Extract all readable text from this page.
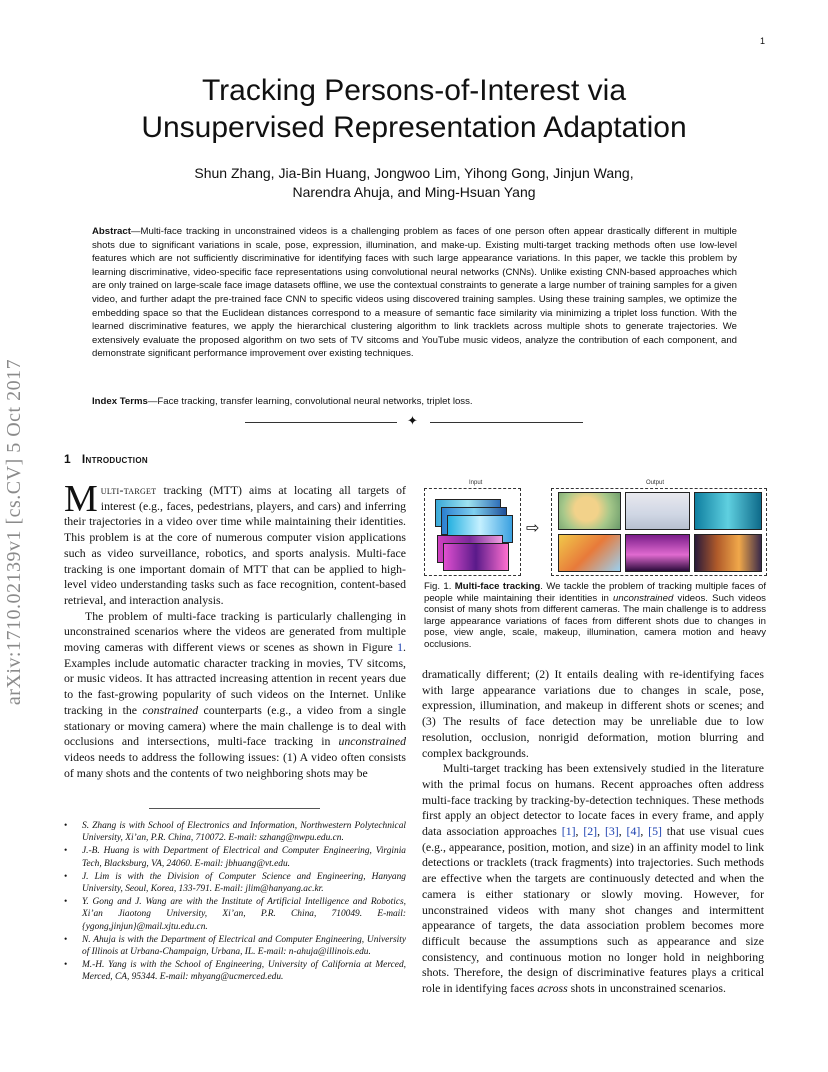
1
arXiv:1710.02139v1 [cs.CV] 5 Oct 2017
Tracking Persons-of-Interest via
Unsupervised Representation Adaptation
Shun Zhang, Jia-Bin Huang, Jongwoo Lim, Yihong Gong, Jinjun Wang,
Narendra Ahuja, and Ming-Hsuan Yang
Abstract—Multi-face tracking in unconstrained videos is a challenging problem as faces of one person often appear drastically different in multiple shots due to significant variations in scale, pose, expression, illumination, and make-up. Existing multi-target tracking methods often use low-level features which are not sufficiently discriminative for identifying faces with such large appearance variations. In this paper, we tackle this problem by learning discriminative, video-specific face representations using convolutional neural networks (CNNs). Unlike existing CNN-based approaches which are only trained on large-scale face image datasets offline, we use the contextual constraints to generate a large number of training samples for a given video, and further adapt the pre-trained face CNN to specific videos using discovered training samples. Using these training samples, we optimize the embedding space so that the Euclidean distances correspond to a measure of semantic face similarity via minimizing a triplet loss function. With the learned discriminative features, we apply the hierarchical clustering algorithm to link tracklets across multiple shots to generate trajectories. We extensively evaluate the proposed algorithm on two sets of TV sitcoms and YouTube music videos, analyze the contribution of each component, and demonstrate significant performance improvement over existing techniques.
Index Terms—Face tracking, transfer learning, convolutional neural networks, triplet loss.
✦
1 Introduction

Multi-target tracking (MTT) aims at locating all targets of interest (e.g., faces, pedestrians, players, and cars) and inferring their trajectories in a video over time while maintaining their identities. This problem is at the core of numerous computer vision applications such as video surveillance, robotics, and sports analysis. Multi-face tracking is one important domain of MTT that can be applied to high-level video understanding tasks such as face recognition, content-based retrieval, and interaction analysis.

The problem of multi-face tracking is particularly challenging in unconstrained scenarios where the videos are generated from multiple moving cameras with different views or scenes as shown in Figure 1. Examples include automatic character tracking in movies, TV sitcoms, or music videos. It has attracted increasing attention in recent years due to the fast-growing popularity of such videos on the Internet. Unlike tracking in the constrained counterparts (e.g., a video from a single stationary or moving camera) where the main challenge is to deal with occlusions and intersections, multi-face tracking in unconstrained videos needs to address the following issues: (1) A video often consists of many shots and the contents of two neighboring shots may be

• S. Zhang is with School of Electronics and Information, Northwestern Polytechnical University, Xi’an, P.R. China, 710072. E-mail: szhang@nwpu.edu.cn.
• J.-B. Huang is with Department of Electrical and Computer Engineering, Virginia Tech, Blacksburg, VA, 24060. E-mail: jbhuang@vt.edu.
• J. Lim is with the Division of Computer Science and Engineering, Hanyang University, Seoul, Korea, 133-791. E-mail: jlim@hanyang.ac.kr.
• Y. Gong and J. Wang are with the Institute of Artificial Intelligence and Robotics, Xi’an Jiaotong University, Xi’an, P.R. China, 710049. E-mail: {ygong,jinjun}@mail.xjtu.edu.cn.
• N. Ahuja is with the Department of Electrical and Computer Engineering, University of Illinois at Urbana-Champaign, Urbana, IL. E-mail: n-ahuja@illinois.edu.
• M.-H. Yang is with the School of Engineering, University of California at Merced, Merced, CA, 95344. E-mail: mhyang@ucmerced.edu.
Input	Output
⇨
Fig. 1. Multi-face tracking. We tackle the problem of tracking multiple faces of people while maintaining their identities in unconstrained videos. Such videos consist of many shots from different cameras. The main challenge is to address large appearance variations of faces from different shots due to changes in pose, view angle, scale, makeup, illumination, camera motion and heavy occlusions.

dramatically different; (2) It entails dealing with re-identifying faces with large appearance variations due to changes in scale, pose, expression, illumination, and makeup in different shots or scenes; and (3) The results of face detection may be unreliable due to low resolution, occlusion, nonrigid deformation, motion blurring and complex backgrounds.

Multi-target tracking has been extensively studied in the literature with the primal focus on humans. Recent approaches often address multi-face tracking by tracking-by-detection techniques. These methods first apply an object detector to locate faces in every frame, and apply data association approaches [1], [2], [3], [4], [5] that use visual cues (e.g., appearance, position, motion, and size) in an affinity model to link detections or tracklets (track fragments) into trajectories. Such methods are effective when the targets are continuously detected and when the camera is either stationary or slowly moving. However, for unconstrained videos with many shot changes and intermittent appearance of targets, the data association problem becomes more difficult because the assumptions such as appearance and size consistency, and continuous motion no longer hold in neighboring shots. Therefore, the design of discriminative features plays a critical role in identifying faces across shots in unconstrained scenarios.
